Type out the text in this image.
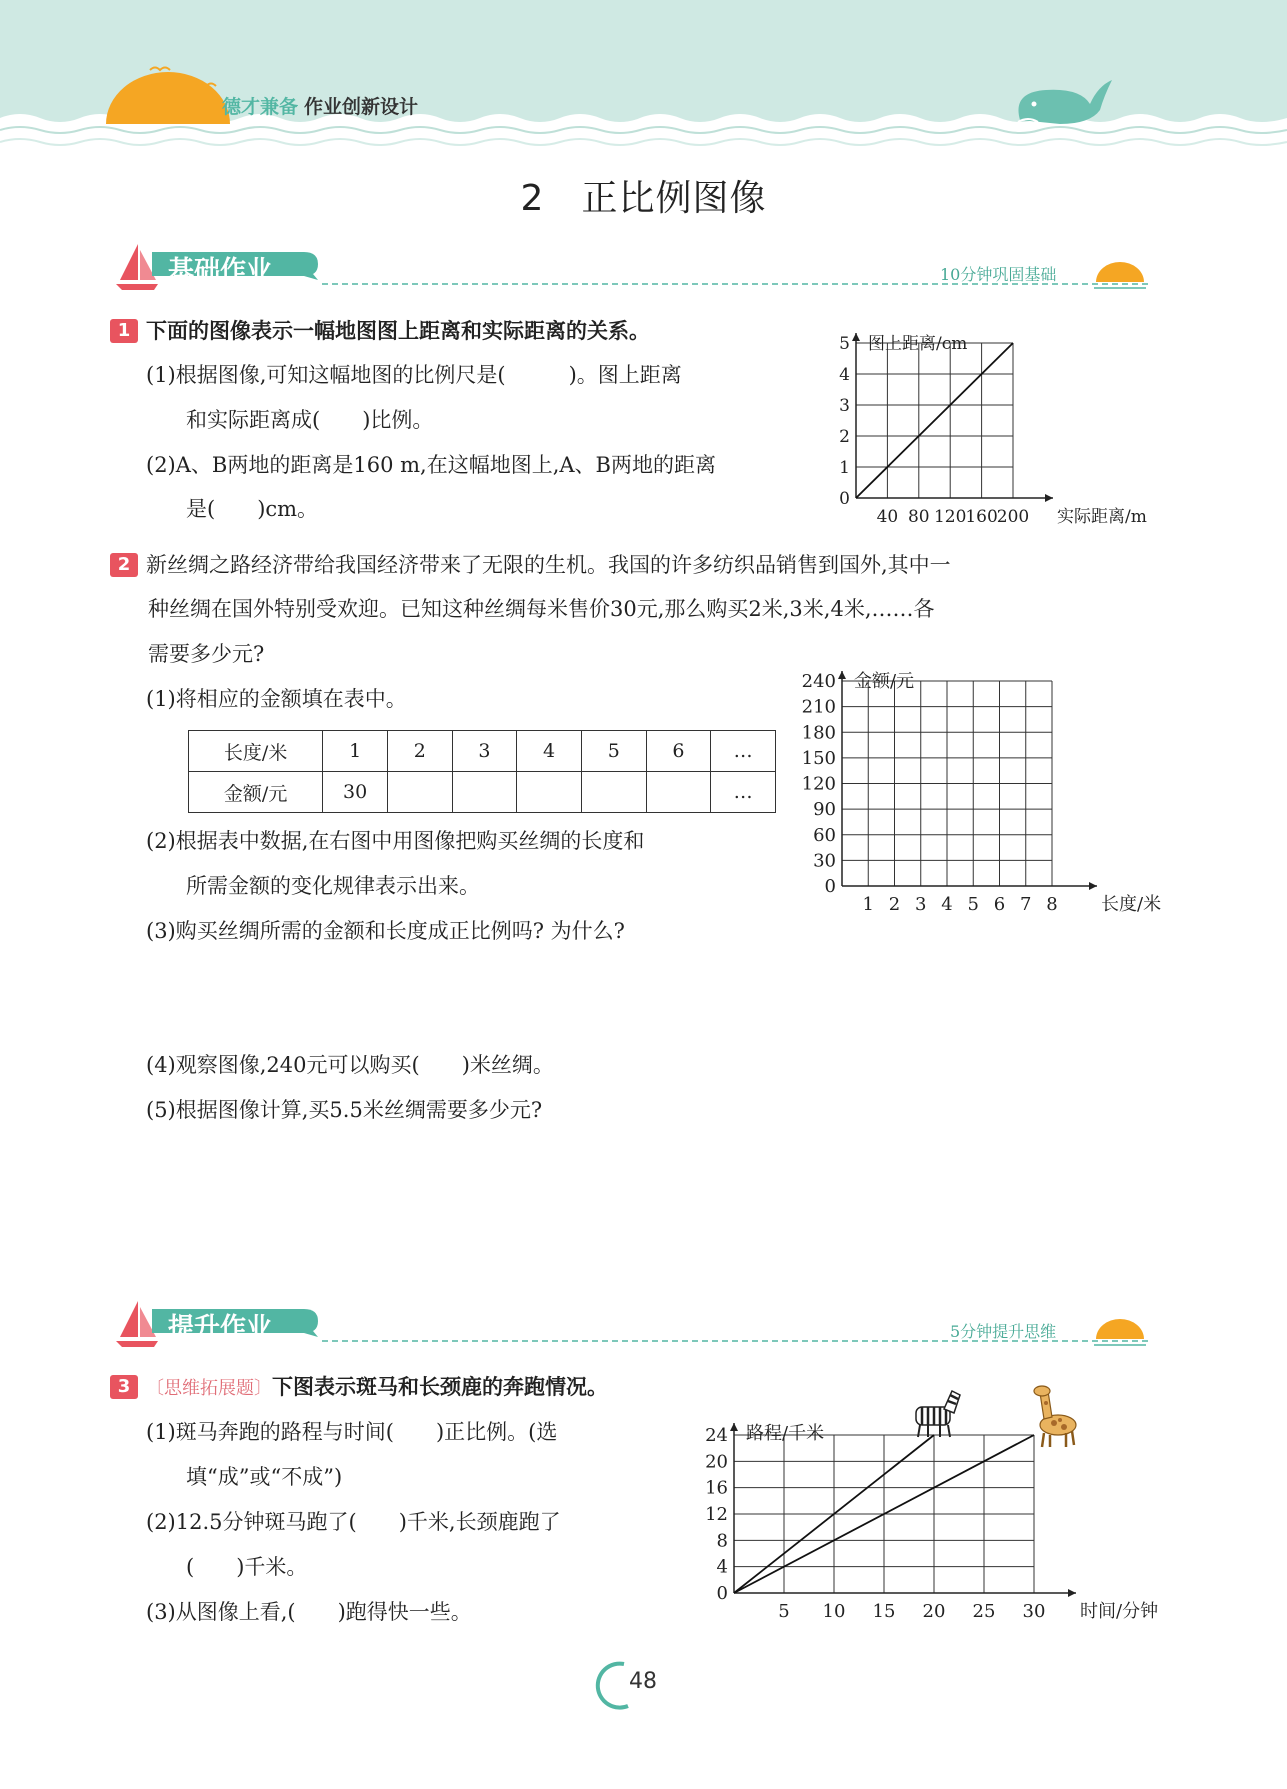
德才兼备 作业创新设计
2　正比例图像
基础作业	10分钟巩固基础
1 下面的图像表示一幅地图图上距离和实际距离的关系。
(1)根据图像,可知这幅地图的比例尺是(　　　)。图上距离
和实际距离成(　　)比例。
(2)A、B两地的距离是160 m,在这幅地图上,A、B两地的距离
是(　　)cm。	40 80 120
160
200
0
1
2
3
4
5
实际距离/m
图上距离/cm
2 新丝绸之路经济带给我国经济带来了无限的生机。我国的许多纺织品销售到国外,其中一
种丝绸在国外特别受欢迎。已知这种丝绸每米售价30元,那么购买2米,3米,4米,……各
需要多少元?
(1)将相应的金额填在表中。
长度/米	1	2	3	4	5	6	…
金额/元	30						…
(2)根据表中数据,在右图中用图像把购买丝绸的长度和
所需金额的变化规律表示出来。
(3)购买丝绸所需的金额和长度成正比例吗? 为什么?
(4)观察图像,240元可以购买(　　)米丝绸。
(5)根据图像计算,买5.5米丝绸需要多少元?
1 2 3 4 5 6 7 8
0
30
60
90
120
150
180
210
240
长度/米
金额/元
提升作业	5分钟提升思维
3 〔思维拓展题〕下图表示斑马和长颈鹿的奔跑情况。
(1)斑马奔跑的路程与时间(　　)正比例。(选
填“成”或“不成”)
(2)12.5分钟斑马跑了(　　)千米,长颈鹿跑了
(　　)千米。
(3)从图像上看,(　　)跑得快一些。	5 10 15 20 25 30
0
4
8
12
16
20
24
时间/分钟
路程/千米
48
